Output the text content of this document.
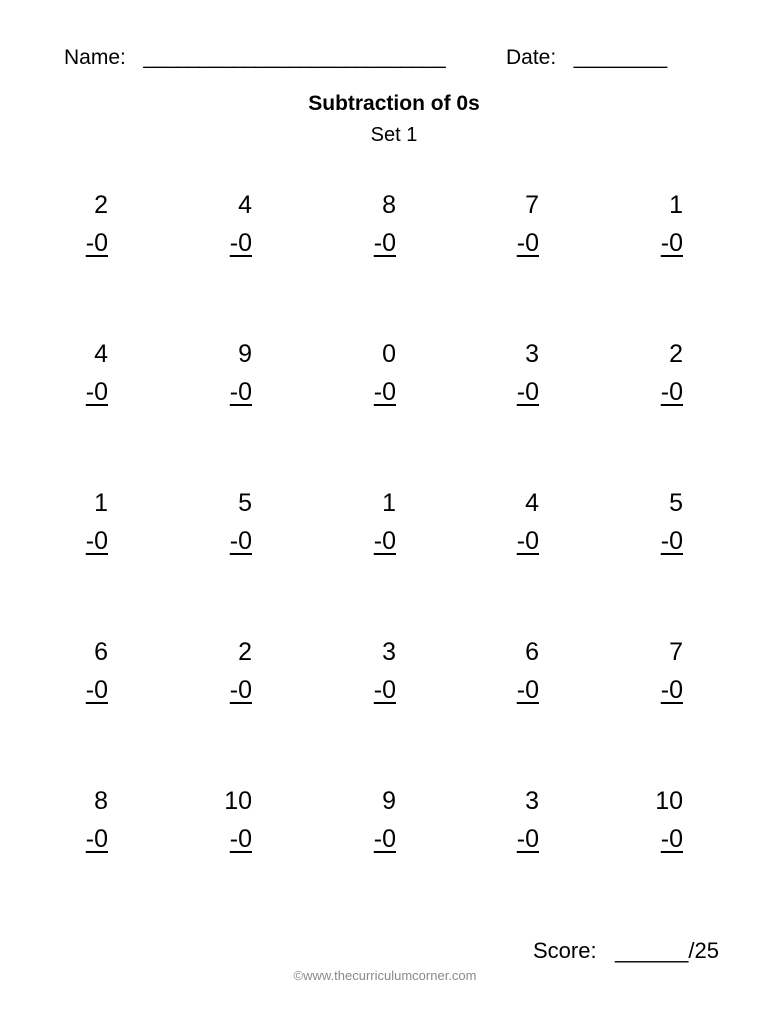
Name: ___________________________	Date: ________
Subtraction of 0s
Set 1
2
-0
4
-0
8
-0
7
-0
1
-0
4
-0
9
-0
0
-0
3
-0
2
-0
1
-0
5
-0
1
-0
4
-0
5
-0
6
-0
2
-0
3
-0
6
-0
7
-0
8
-0
10
-0
9
-0
3
-0
10
-0
Score: ______/25
©www.thecurriculumcorner.com
